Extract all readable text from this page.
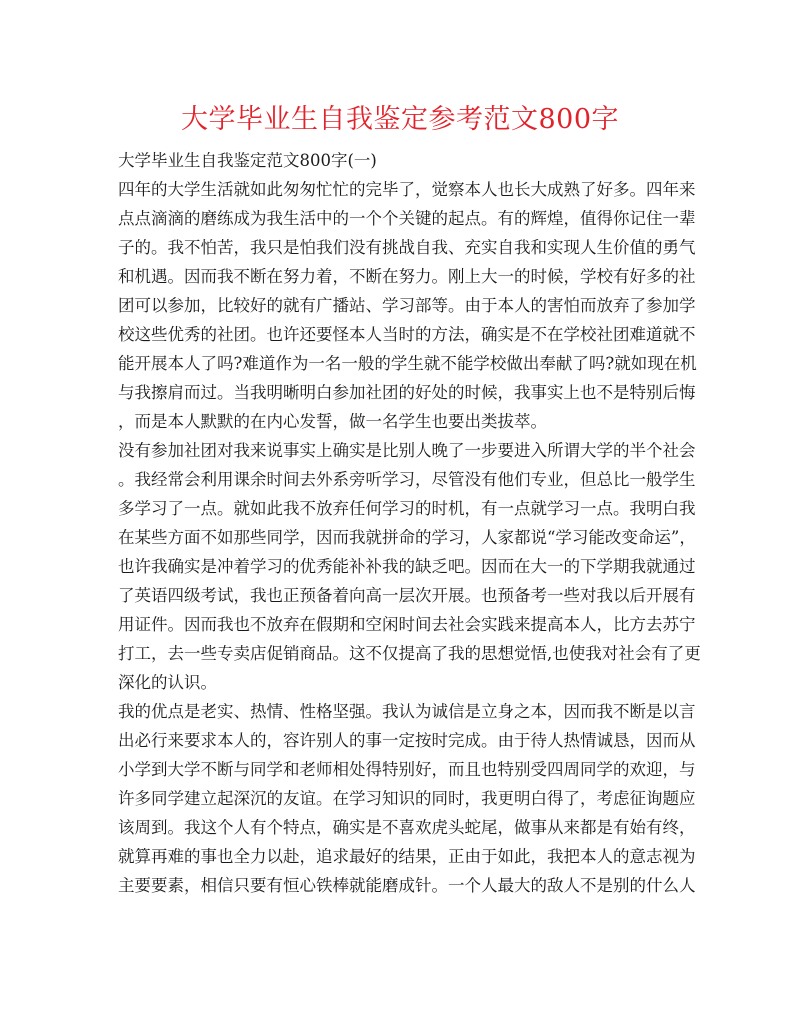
大学毕业生自我鉴定参考范文800字
大学毕业生自我鉴定范文800字(一)
四年的大学生活就如此匆匆忙忙的完毕了，觉察本人也长大成熟了好多。四年来
点点滴滴的磨练成为我生活中的一个个关键的起点。有的辉煌，值得你记住一辈
子的。我不怕苦，我只是怕我们没有挑战自我、充实自我和实现人生价值的勇气
和机遇。因而我不断在努力着，不断在努力。刚上大一的时候，学校有好多的社
团可以参加，比较好的就有广播站、学习部等。由于本人的害怕而放弃了参加学
校这些优秀的社团。也许还要怪本人当时的方法，确实是不在学校社团难道就不
能开展本人了吗?难道作为一名一般的学生就不能学校做出奉献了吗?就如现在机
与我擦肩而过。当我明晰明白参加社团的好处的时候，我事实上也不是特别后悔
，而是本人默默的在内心发誓，做一名学生也要出类拔萃。
没有参加社团对我来说事实上确实是比别人晚了一步要进入所谓大学的半个社会
。我经常会利用课余时间去外系旁听学习，尽管没有他们专业，但总比一般学生
多学习了一点。就如此我不放弃任何学习的时机，有一点就学习一点。我明白我
在某些方面不如那些同学，因而我就拼命的学习，人家都说“学习能改变命运”，
也许我确实是冲着学习的优秀能补补我的缺乏吧。因而在大一的下学期我就通过
了英语四级考试，我也正预备着向高一层次开展。也预备考一些对我以后开展有
用证件。因而我也不放弃在假期和空闲时间去社会实践来提高本人，比方去苏宁
打工，去一些专卖店促销商品。这不仅提高了我的思想觉悟,也使我对社会有了更
深化的认识。
我的优点是老实、热情、性格坚强。我认为诚信是立身之本，因而我不断是以言
出必行来要求本人的，容许别人的事一定按时完成。由于待人热情诚恳，因而从
小学到大学不断与同学和老师相处得特别好，而且也特别受四周同学的欢迎，与
许多同学建立起深沉的友谊。在学习知识的同时，我更明白得了，考虑征询题应
该周到。我这个人有个特点，确实是不喜欢虎头蛇尾，做事从来都是有始有终，
就算再难的事也全力以赴，追求最好的结果，正由于如此，我把本人的意志视为
主要要素，相信只要有恒心铁棒就能磨成针。一个人最大的敌人不是别的什么人
